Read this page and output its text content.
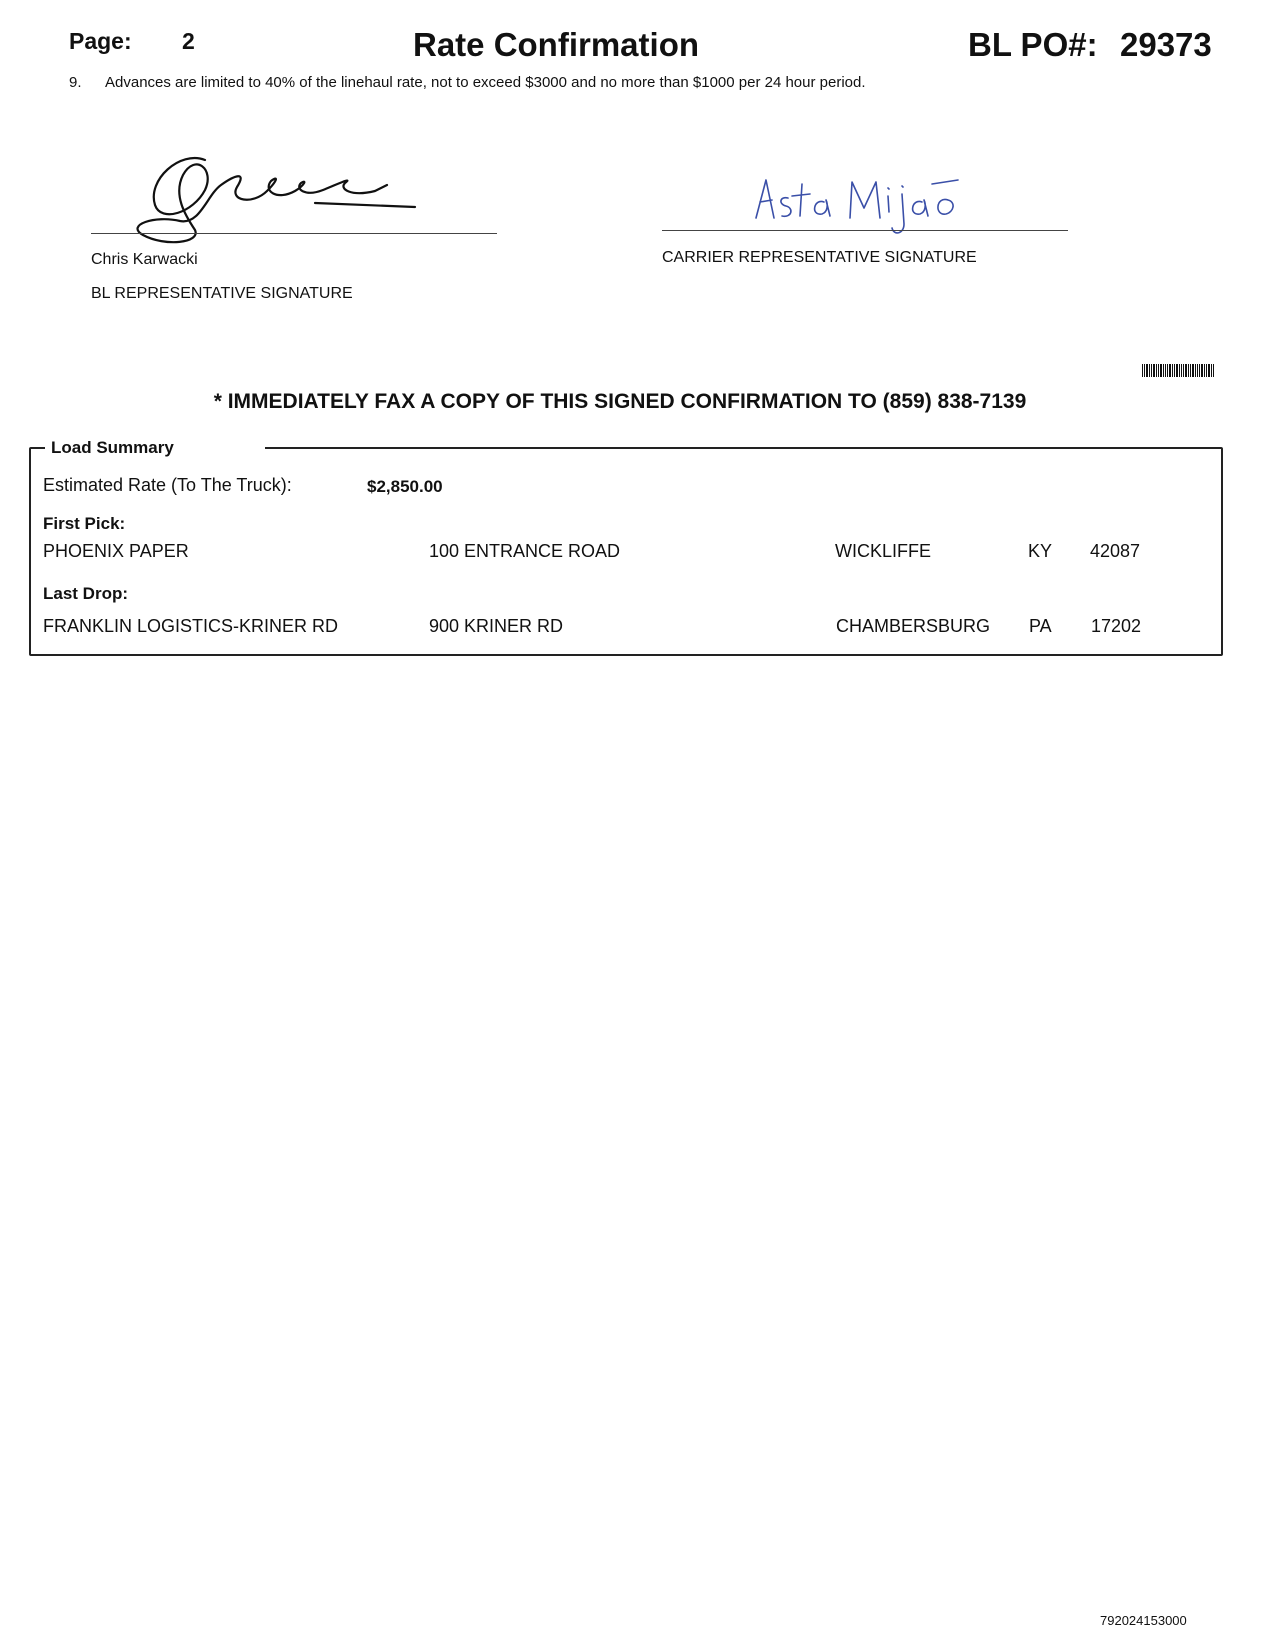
Page: 2	Rate Confirmation	BL PO#: 29373
9. Advances are limited to 40% of the linehaul rate, not to exceed $3000 and no more than $1000 per 24 hour period.
Chris Karwacki
BL REPRESENTATIVE SIGNATURE
CARRIER REPRESENTATIVE SIGNATURE
* IMMEDIATELY FAX A COPY OF THIS SIGNED CONFIRMATION TO (859) 838-7139
Load Summary
Estimated Rate (To The Truck):	$2,850.00
First Pick:
PHOENIX PAPER	100 ENTRANCE ROAD	WICKLIFFE	KY 42087
Last Drop:
FRANKLIN LOGISTICS-KRINER RD	900 KRINER RD	CHAMBERSBURG PA 17202
792024153000
